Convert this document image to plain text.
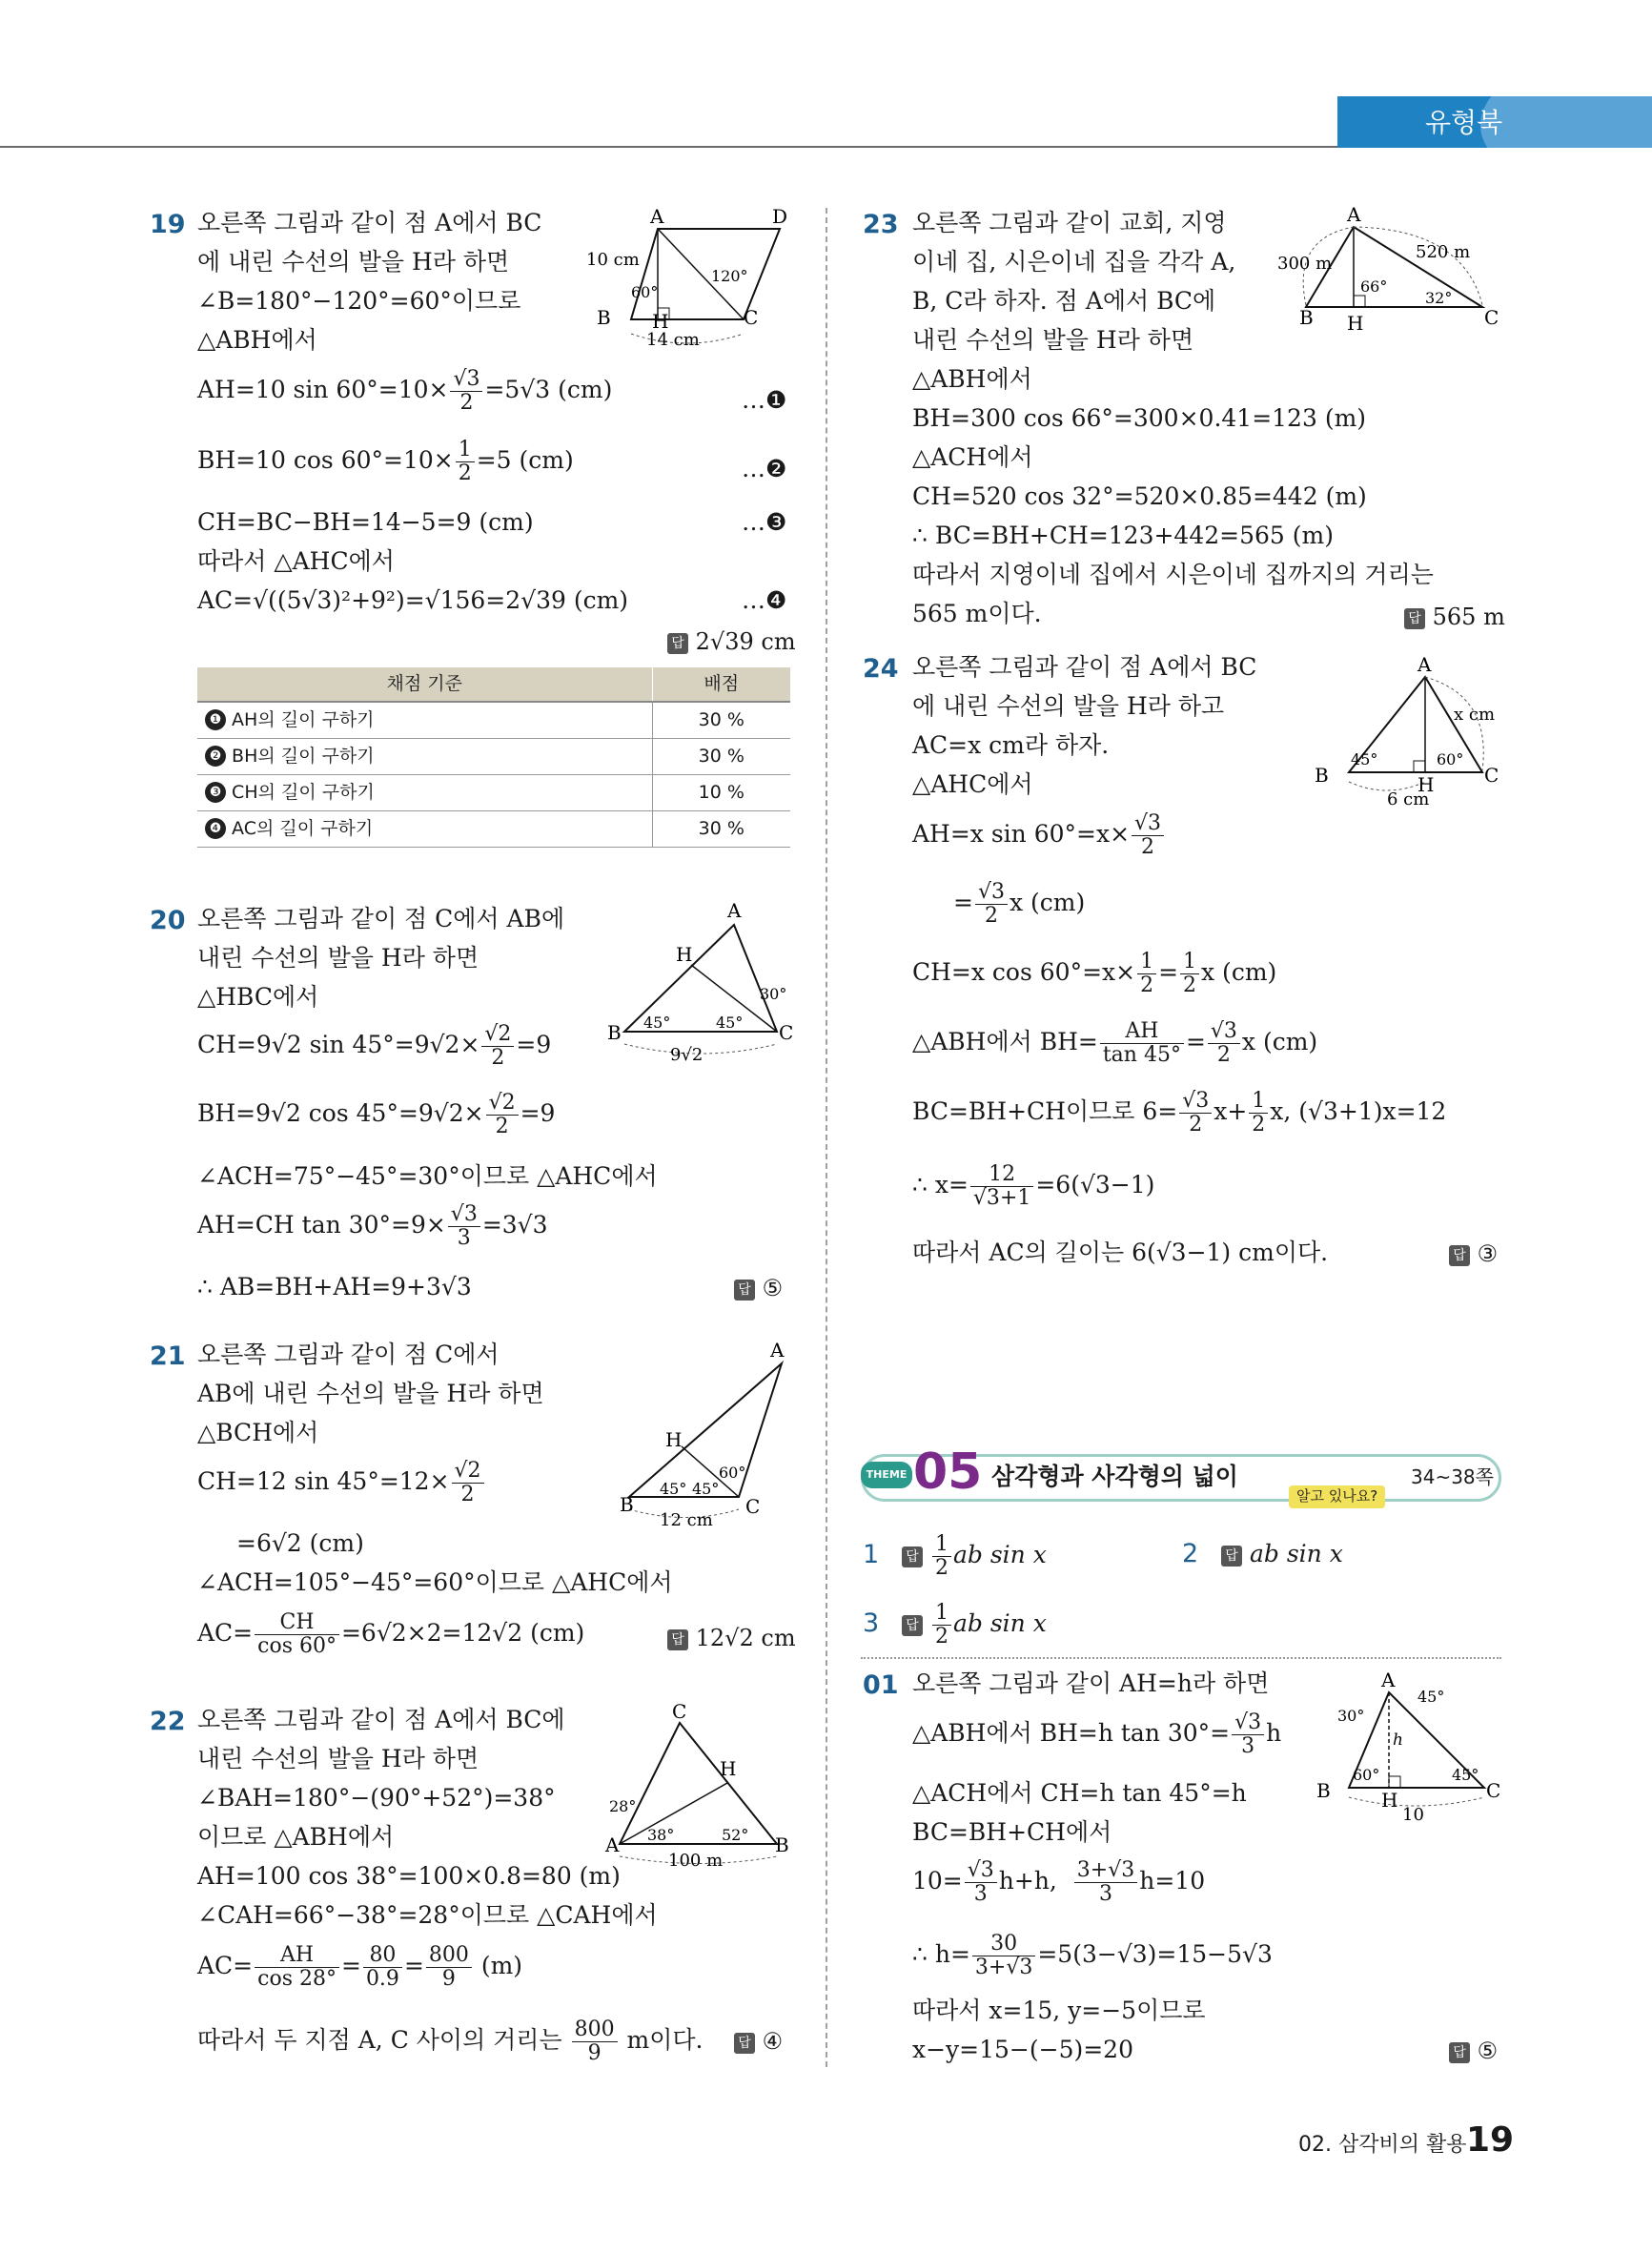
유형북
19 오른쪽 그림과 같이 점 A에서 BC
에 내린 수선의 발을 H라 하면
∠B=180°−120°=60°이므로
△ABH에서
AH=10 $\sin 60^\circ=10\times \frac{√3}{2} =5√3$ (cm)
BH=10 $\cos 60^\circ=10\times \frac{1}{2} =5$ (cm)
CH=BC−BH=14−5=9 (cm)
따라서 △AHC에서
AC=√((5√3)²+9²)=√156=2√39 (cm)
…❶
…❷
…❸
…❹
답 2√39 cm
A	D
B H	C
10 cm
14 cm
60°
120°
채점 기준	배점
❶ AH의 길이 구하기	30 %
❷ BH의 길이 구하기	30 %
❸ CH의 길이 구하기	10 %
❹ AC의 길이 구하기	30 %
20 오른쪽 그림과 같이 점 C에서 AB에
내린 수선의 발을 H라 하면
△HBC에서
CH=9√2 $\sin 45^\circ=9√2\times \frac{√2}{2} =9$
BH=9√2 $\cos 45^\circ=9√2\times \frac{√2}{2} =9$
∠ACH=75°−45°=30°이므로 △AHC에서
AH=CH $\tan 30^\circ=9\times \frac{√3}{3} =3√3$
∴ AB=BH+AH=9+3√3	답 ⑤
A
H
B	C
45°	45°
30°
9√2
21 오른쪽 그림과 같이 점 C에서
AB에 내린 수선의 발을 H라 하면
△BCH에서
CH=12 $\sin 45^\circ=12\times \frac{√2}{2}$
=6√2 (cm)
∠ACH=105°−45°=60°이므로 △AHC에서
$AC= \frac{CH}{\cos 60^\circ} =6√2\times 2=12√2$ (cm)	답 12√2 cm
A
H
B	C
45° 45°
60°
12 cm
22 오른쪽 그림과 같이 점 A에서 BC에
내린 수선의 발을 H라 하면
∠BAH=180°−(90°+52°)=38°
이므로 △ABH에서
AH=100 cos 38°=100×0.8=80 (m)
∠CAH=66°−38°=28°이므로 △CAH에서
$AC= \frac{AH}{\cos 28^\circ} = \frac{80}{0.9} = \frac{800}{9} (m)$
따라서 두 지점 A, C 사이의 거리는 $\frac{800}{9}$ m이다.	답 ④
C
H
A	B
28°
38°	52°
100 m
23 오른쪽 그림과 같이 교회, 지영
이네 집, 시은이네 집을 각각 A,
B, C라 하자. 점 A에서 BC에
내린 수선의 발을 H라 하면
△ABH에서
BH=300 cos 66°=300×0.41=123 (m)
△ACH에서
CH=520 cos 32°=520×0.85=442 (m)
∴ BC=BH+CH=123+442=565 (m)
따라서 지영이네 집에서 시은이네 집까지의 거리는
565 m이다.	답 565 m
A
B H	C
300 m
520 m
66°
32°
24 오른쪽 그림과 같이 점 A에서 BC
에 내린 수선의 발을 H라 하고
AC=x cm라 하자.
△AHC에서
AH=x $\sin 60^\circ=x\times \frac{√3}{2}$
= $\frac{√3}{2}$ x (cm)
CH=x $\cos 60^\circ=x\times \frac{1}{2} = \frac{1}{2}$ x (cm)
△ABH에서 $BH= \frac{AH}{\tan 45^\circ} = \frac{√3}{2}$ x (cm)
BC=BH+CH이므로 $6= \frac{√3}{2} x+ \frac{1}{2} x$, (√3+1)x=12
∴ $x= \frac{12}{√3+1} =6(√3-1)$
따라서 AC의 길이는 6(√3−1) cm이다.	답 ③
A
B	H	C
x cm
6 cm
45°	60°
THEME 05 삼각형과 사각형의 넓이	34~38쪽
알고 있나요?
1 답 $\frac{1}{2}$ ab sin x	2 답 ab sin x
3 답 $\frac{1}{2}$ ab sin x
01 오른쪽 그림과 같이 AH=h라 하면
△ABH에서 BH=h $\tan 30^\circ= \frac{√3}{3}$ h
△ACH에서 CH=h tan 45°=h
BC=BH+CH에서
$10= \frac{√3}{3} h+h$, $\frac{3+√3}{3} h=10$
∴ $h= \frac{30}{3+√3} =5(3-√3)=15-5√3$
따라서 x=15, y=−5이므로
x−y=15−(−5)=20	답 ⑤
A
B	H	C
h
10
30°
45°
60°	45°
02. 삼각비의 활용 19
